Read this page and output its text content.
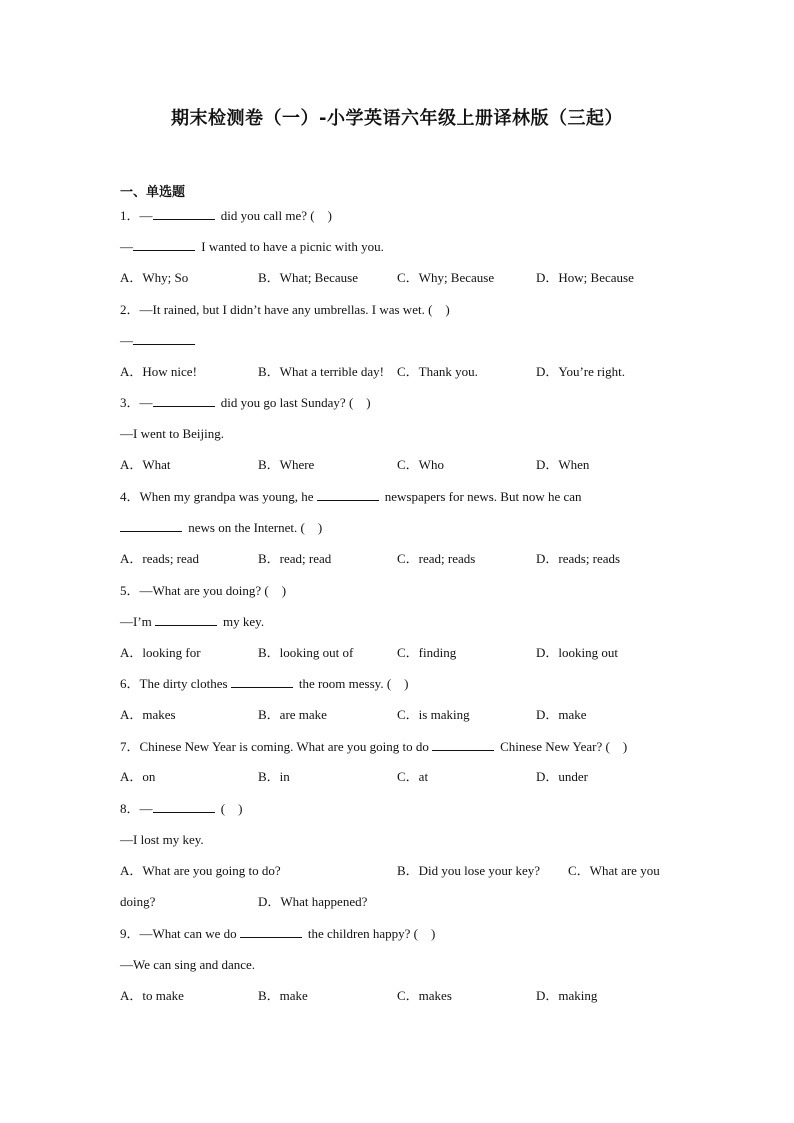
期末检测卷（一）-小学英语六年级上册译林版（三起）
一、单选题
1．—	did you call me? (　)
—	I wanted to have a picnic with you.
A．Why; So	B．What; Because	C．Why; Because	D．How; Because
2．—It rained, but I didn’t have any umbrellas. I was wet. (　)
—
A．How nice!	B．What a terrible day! C．Thank you.	D．You’re right.
3．—	did you go last Sunday? (　)
—I went to Beijing.
A．What	B．Where	C．Who	D．When
4．When my grandpa was young, he	newspapers for news. But now he can
news on the Internet. (　)
A．reads; read	B．read; read	C．read; reads	D．reads; reads
5．—What are you doing? (　)
—I’m	my key.
A．looking for	B．looking out of	C．finding	D．looking out
6．The dirty clothes	the room messy. (　)
A．makes	B．are make	C．is making	D．make
7．Chinese New Year is coming. What are you going to do	Chinese New Year? (　)
A．on	B．in	C．at	D．under
8．—	(　)
—I lost my key.
A．What are you going to do?	B．Did you lose your key? C．What are you
doing?	D．What happened?
9．—What can we do	the children happy? (　)
—We can sing and dance.
A．to make	B．make	C．makes	D．making
